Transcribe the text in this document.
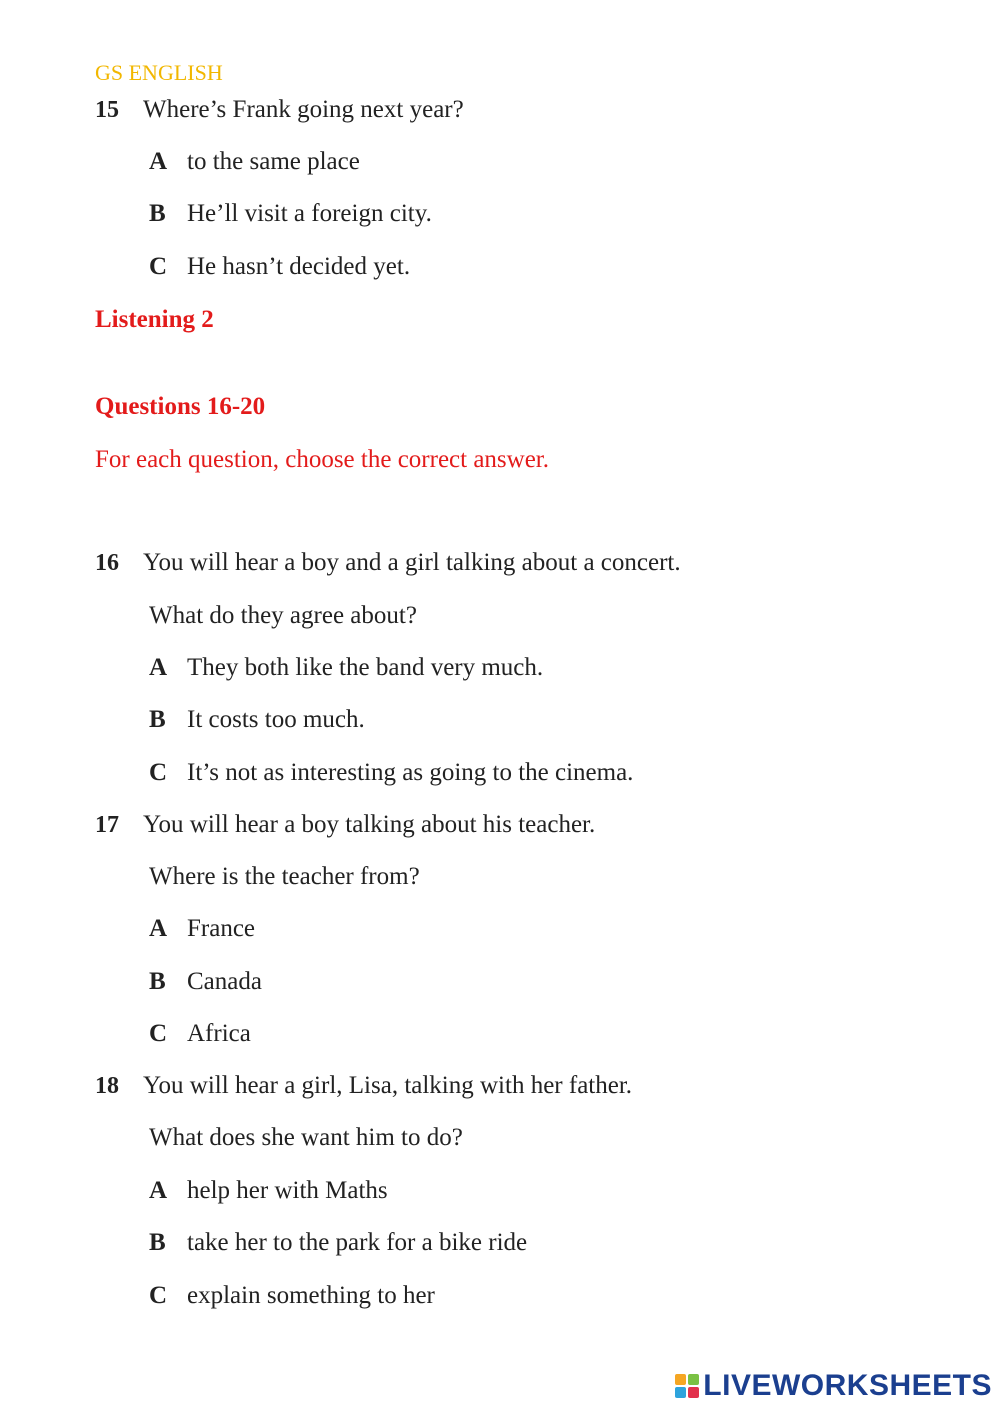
GS ENGLISH
15 Where’s Frank going next year?
A to the same place
B He’ll visit a foreign city.
C He hasn’t decided yet.
Listening 2
Questions 16-20
For each question, choose the correct answer.
16 You will hear a boy and a girl talking about a concert.
What do they agree about?
A They both like the band very much.
B It costs too much.
C It’s not as interesting as going to the cinema.
17 You will hear a boy talking about his teacher.
Where is the teacher from?
A France
B Canada
C Africa
18 You will hear a girl, Lisa, talking with her father.
What does she want him to do?
A help her with Maths
B take her to the park for a bike ride
C explain something to her
LIVEWORKSHEETS
